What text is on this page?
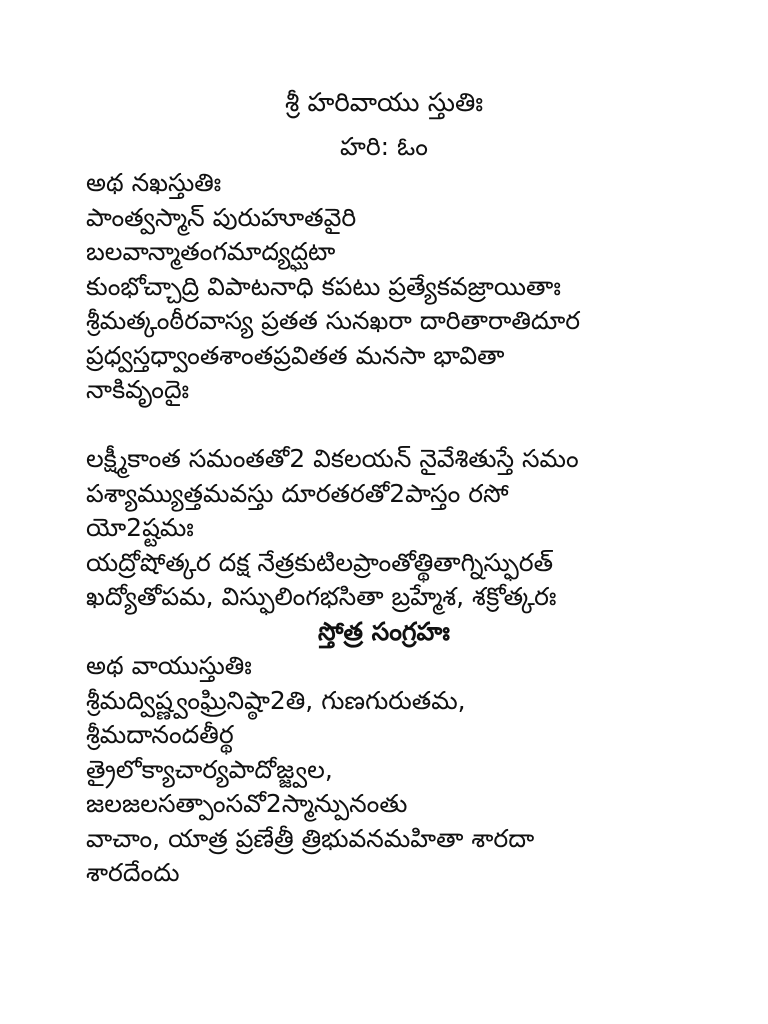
శ్రీ హరివాయు స్తుతిః
హరి: ఓం
అథ నఖస్తుతిః
పాంత్వస్మాన్ పురుహూతవైరి
బలవాన్మాతంగమాద్యద్ఘటా
కుంభోచ్చాద్రి విపాటనాధి కపటు ప్రత్యేకవజ్రాయితాః
శ్రీమత్కంఠీరవాస్య ప్రతత సునఖరా దారితారాతిదూర
ప్రధ్వస్తధ్వాంతశాంతప్రవితత మనసా భావితా
నాకివృందైః
లక్ష్మీకాంత సమంతతో2 వికలయన్ నైవేశితుస్తే సమం
పశ్యామ్యుత్తమవస్తు దూరతరతో2పాస్తం రసో
యో2ష్టమః
యద్రోషోత్కర దక్ష నేత్రకుటిలప్రాంతోత్థితాగ్నిస్ఫురత్
ఖద్యోతోపమ, విస్ఫులింగభసితా బ్రహ్మేశ, శక్రోత్కరః
స్తోత్ర సంగ్రహః
అథ వాయుస్తుతిః
శ్రీమద్విష్ణ్వంఘ్రినిష్ఠా2తి, గుణగురుతమ,
శ్రీమదానందతీర్థ
త్రైలోక్యాచార్యపాదోజ్జ్వల,
జలజలసత్పాంసవో2స్మాన్పునంతు
వాచాం, యాత్ర ప్రణేత్రీ త్రిభువనమహితా శారదా
శారదేందు
